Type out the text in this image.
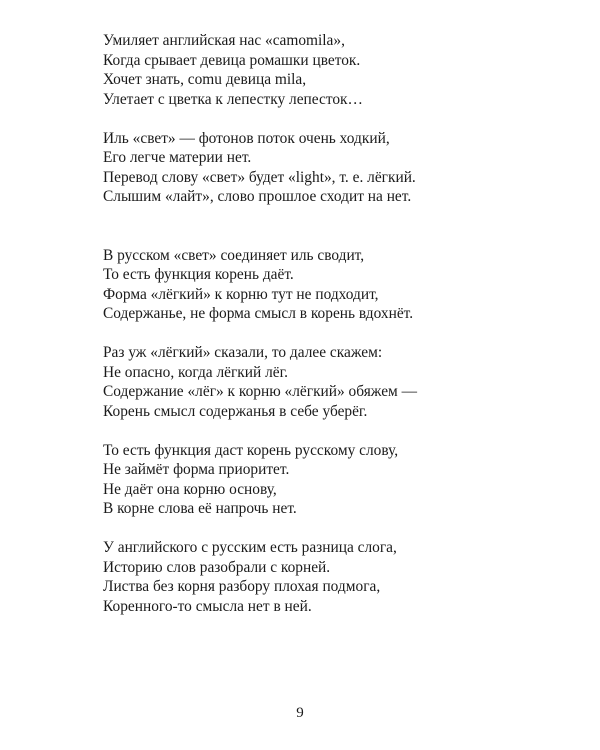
Умиляет английская нас «camomila»,
Когда срывает девица ромашки цветок.
Хочет знать, comu девица mila,
Улетает с цветка к лепестку лепесток…
Иль «свет» — фотонов поток очень ходкий,
Его легче материи нет.
Перевод слову «свет» будет «light», т. е. лёгкий.
Слышим «лайт», слово прошлое сходит на нет.
В русском «свет» соединяет иль сводит,
То есть функция корень даёт.
Форма «лёгкий» к корню тут не подходит,
Содержанье, не форма смысл в корень вдохнёт.
Раз уж «лёгкий» сказали, то далее скажем:
Не опасно, когда лёгкий лёг.
Содержание «лёг» к корню «лёгкий» обяжем —
Корень смысл содержанья в себе уберёг.
То есть функция даст корень русскому слову,
Не займёт форма приоритет.
Не даёт она корню основу,
В корне слова её напрочь нет.
У английского с русским есть разница слога,
Историю слов разобрали с корней.
Листва без корня разбору плохая подмога,
Коренного-то смысла нет в ней.
9
